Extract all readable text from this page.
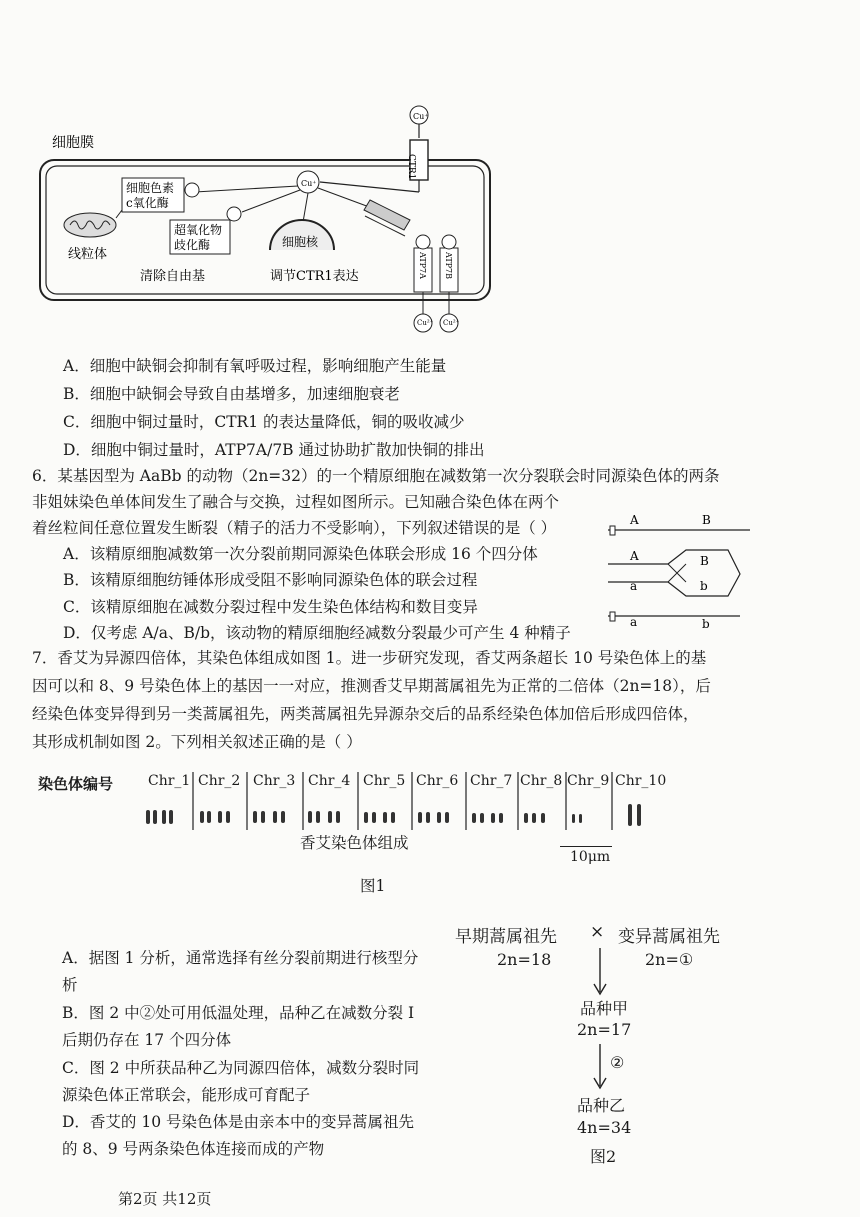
细胞膜
CTR1
Cu⁺
Cu⁺
细胞色素
c氧化酶
超氧化物
歧化酶
线粒体
清除自由基
细胞核
调节CTR1表达
Cu²⁺ Cu²⁺
ATP7A ATP7B
A．细胞中缺铜会抑制有氧呼吸过程，影响细胞产生能量
B．细胞中缺铜会导致自由基增多，加速细胞衰老
C．细胞中铜过量时，CTR1 的表达量降低，铜的吸收减少
D．细胞中铜过量时，ATP7A/7B 通过协助扩散加快铜的排出
6．某基因型为 AaBb 的动物（2n=32）的一个精原细胞在减数第一次分裂联会时同源染色体的两条
非姐妹染色单体间发生了融合与交换，过程如图所示。已知融合染色体在两个
着丝粒间任意位置发生断裂（精子的活力不受影响），下列叙述错误的是（ ）
A．该精原细胞减数第一次分裂前期同源染色体联会形成 16 个四分体
B．该精原细胞纺锤体形成受阻不影响同源染色体的联会过程
C．该精原细胞在减数分裂过程中发生染色体结构和数目变异
D．仅考虑 A/a、B/b，该动物的精原细胞经减数分裂最少可产生 4 种精子
A	B
A	B
a	b
a	b
7．香艾为异源四倍体，其染色体组成如图 1。进一步研究发现，香艾两条超长 10 号染色体上的基
因可以和 8、9 号染色体上的基因一一对应，推测香艾早期蒿属祖先为正常的二倍体（2n=18），后
经染色体变异得到另一类蒿属祖先，两类蒿属祖先异源杂交后的品系经染色体加倍后形成四倍体，
其形成机制如图 2。下列相关叙述正确的是（ ）
染色体编号 Chr_1 Chr_2 Chr_3 Chr_4 Chr_5 Chr_6 Chr_7 Chr_8 Chr_9 Chr_10
10μm
香艾染色体组成
图1
A．据图 1 分析，通常选择有丝分裂前期进行核型分
析
B．图 2 中②处可用低温处理，品种乙在减数分裂 I
后期仍存在 17 个四分体
C．图 2 中所获品种乙为同源四倍体，减数分裂时同
源染色体正常联会，能形成可育配子
D．香艾的 10 号染色体是由亲本中的变异蒿属祖先
的 8、9 号两条染色体连接而成的产物
早期蒿属祖先 × 变异蒿属祖先
2n=18	2n=①
品种甲
2n=17
②
品种乙
4n=34
图2
第2页 共12页
